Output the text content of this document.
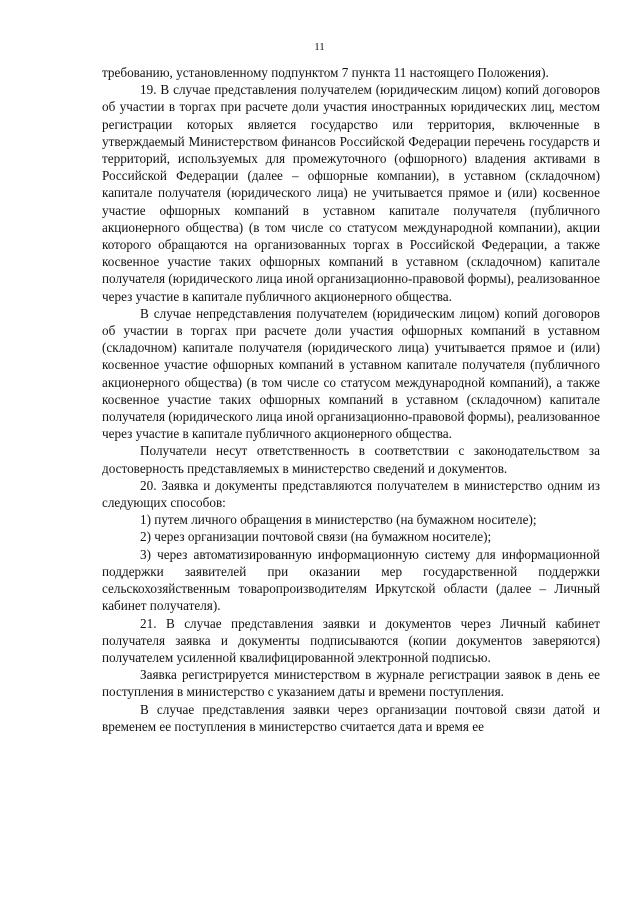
11

требованию, установленному подпунктом 7 пункта 11 настоящего Положения).

19. В случае представления получателем (юридическим лицом) копий договоров об участии в торгах при расчете доли участия иностранных юридических лиц, местом регистрации которых является государство или территория, включенные в утверждаемый Министерством финансов Российской Федерации перечень государств и территорий, используемых для промежуточного (офшорного) владения активами в Российской Федерации (далее – офшорные компании), в уставном (складочном) капитале получателя (юридического лица) не учитывается прямое и (или) косвенное участие офшорных компаний в уставном капитале получателя (публичного акционерного общества) (в том числе со статусом международной компании), акции которого обращаются на организованных торгах в Российской Федерации, а также косвенное участие таких офшорных компаний в уставном (складочном) капитале получателя (юридического лица иной организационно-правовой формы), реализованное через участие в капитале публичного акционерного общества.

В случае непредставления получателем (юридическим лицом) копий договоров об участии в торгах при расчете доли участия офшорных компаний в уставном (складочном) капитале получателя (юридического лица) учитывается прямое и (или) косвенное участие офшорных компаний в уставном капитале получателя (публичного акционерного общества) (в том числе со статусом международной компаний), а также косвенное участие таких офшорных компаний в уставном (складочном) капитале получателя (юридического лица иной организационно-правовой формы), реализованное через участие в капитале публичного акционерного общества.

Получатели несут ответственность в соответствии с законодательством за достоверность представляемых в министерство сведений и документов.

20. Заявка и документы представляются получателем в министерство одним из следующих способов:

1) путем личного обращения в министерство (на бумажном носителе);

2) через организации почтовой связи (на бумажном носителе);

3) через автоматизированную информационную систему для информационной поддержки заявителей при оказании мер государственной поддержки сельскохозяйственным товаропроизводителям Иркутской области (далее – Личный кабинет получателя).

21. В случае представления заявки и документов через Личный кабинет получателя заявка и документы подписываются (копии документов заверяются) получателем усиленной квалифицированной электронной подписью.

Заявка регистрируется министерством в журнале регистрации заявок в день ее поступления в министерство с указанием даты и времени поступления.

В случае представления заявки через организации почтовой связи датой и временем ее поступления в министерство считается дата и время ее
